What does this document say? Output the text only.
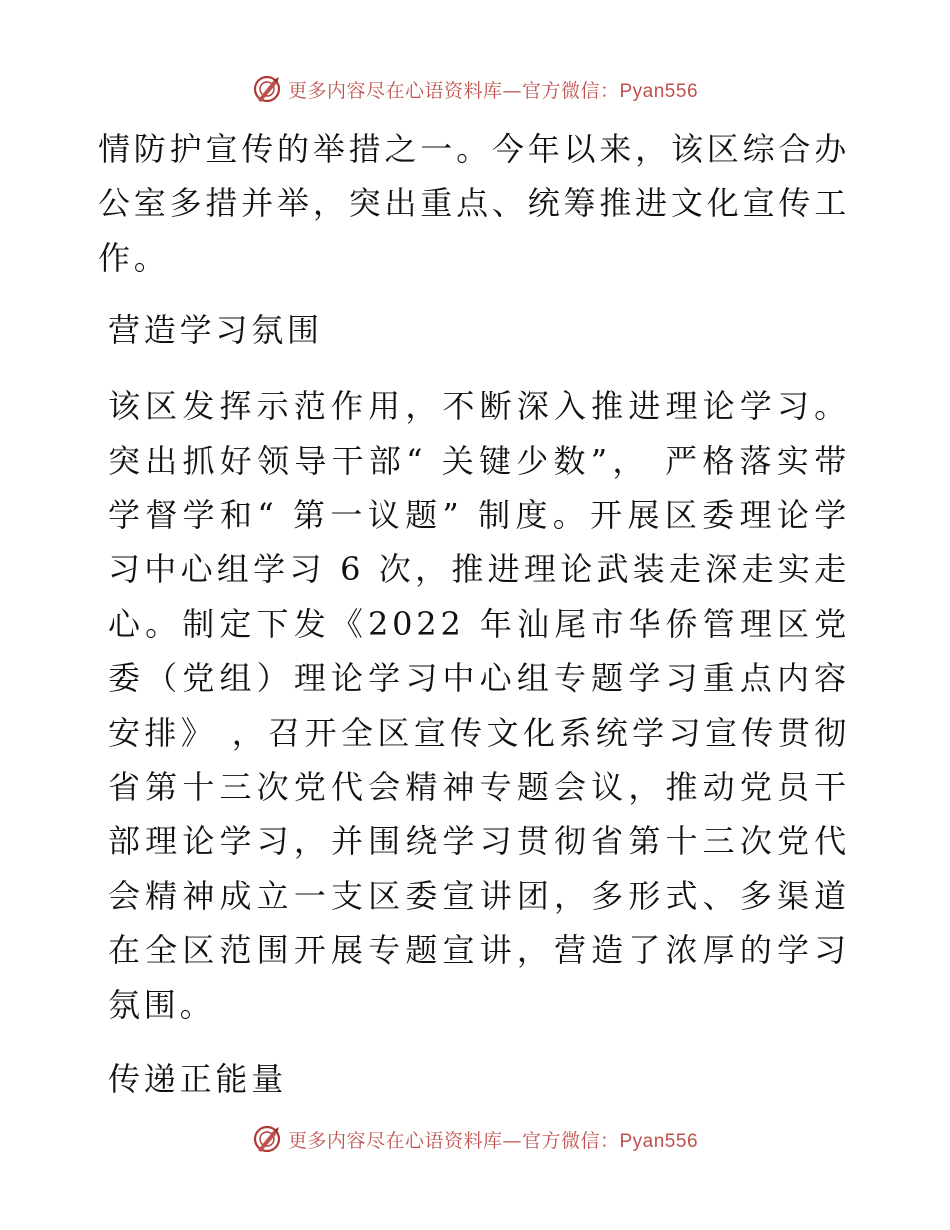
更多内容尽在心语资料库—官方微信：Pyan556

情防护宣传的举措之一。今年以来，该区综合办公室多措并举，突出重点、统筹推进文化宣传工作。

营造学习氛围

该区发挥示范作用，不断深入推进理论学习。突出抓好领导干部“ 关键少数”， 严格落实带学督学和“ 第一议题” 制度。开展区委理论学习中心组学习 6 次，推进理论武装走深走实走心。制定下发《2022 年汕尾市华侨管理区党委（党组）理论学习中心组专题学习重点内容安排》 ，召开全区宣传文化系统学习宣传贯彻省第十三次党代会精神专题会议，推动党员干部理论学习，并围绕学习贯彻省第十三次党代会精神成立一支区委宣讲团，多形式、多渠道在全区范围开展专题宣讲，营造了浓厚的学习氛围。

传递正能量
更多内容尽在心语资料库—官方微信：Pyan556
